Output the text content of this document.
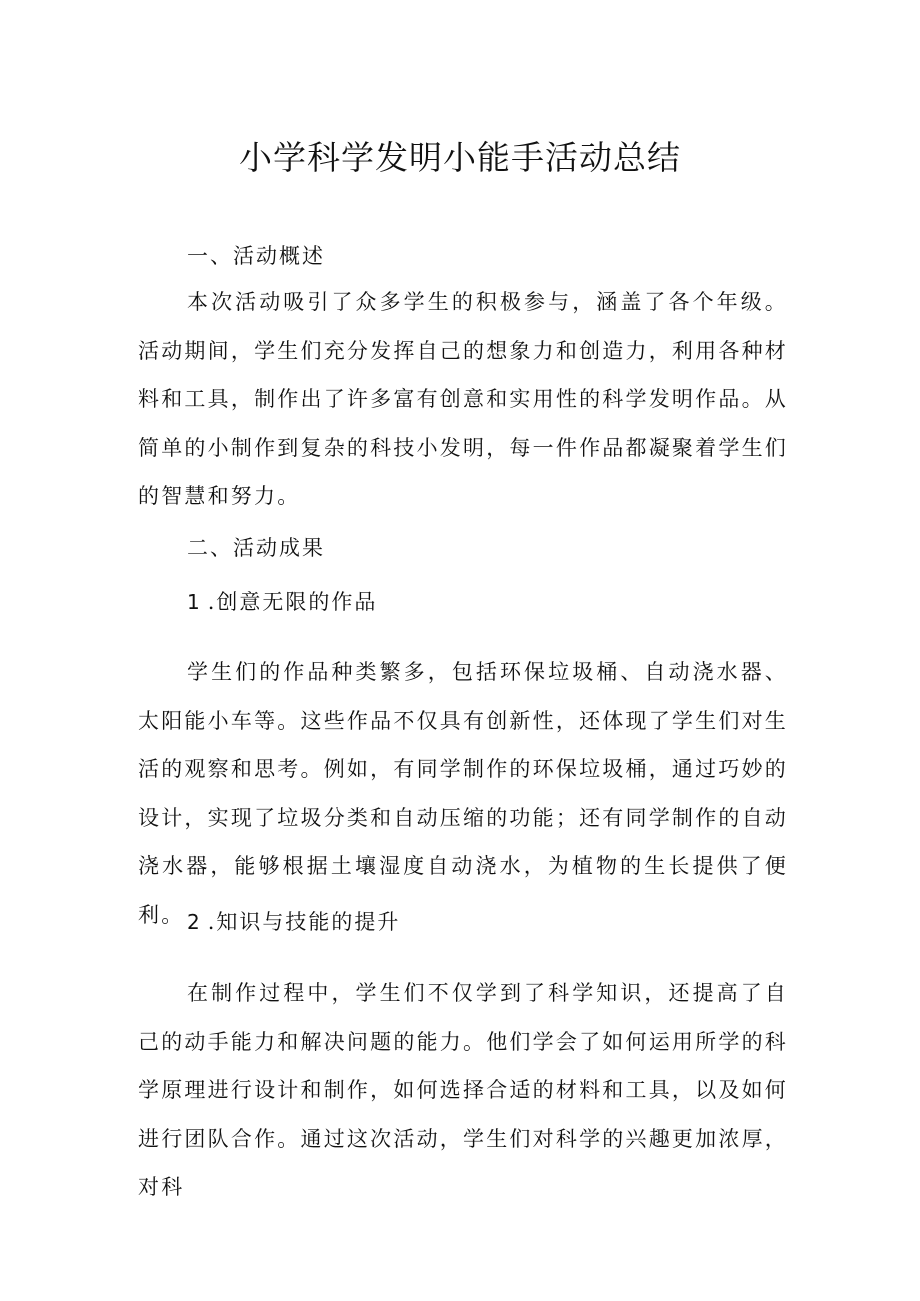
小学科学发明小能手活动总结
一、活动概述

本次活动吸引了众多学生的积极参与，涵盖了各个年级。活动期间，学生们充分发挥自己的想象力和创造力，利用各种材料和工具，制作出了许多富有创意和实用性的科学发明作品。从简单的小制作到复杂的科技小发明，每一件作品都凝聚着学生们的智慧和努力。

二、活动成果
1 .创意无限的作品

学生们的作品种类繁多，包括环保垃圾桶、自动浇水器、太阳能小车等。这些作品不仅具有创新性，还体现了学生们对生活的观察和思考。例如，有同学制作的环保垃圾桶，通过巧妙的设计，实现了垃圾分类和自动压缩的功能；还有同学制作的自动浇水器，能够根据土壤湿度自动浇水，为植物的生长提供了便利。 2 .知识与技能的提升

在制作过程中，学生们不仅学到了科学知识，还提高了自己的动手能力和解决问题的能力。他们学会了如何运用所学的科学原理进行设计和制作，如何选择合适的材料和工具，以及如何进行团队合作。通过这次活动，学生们对科学的兴趣更加浓厚，对科
